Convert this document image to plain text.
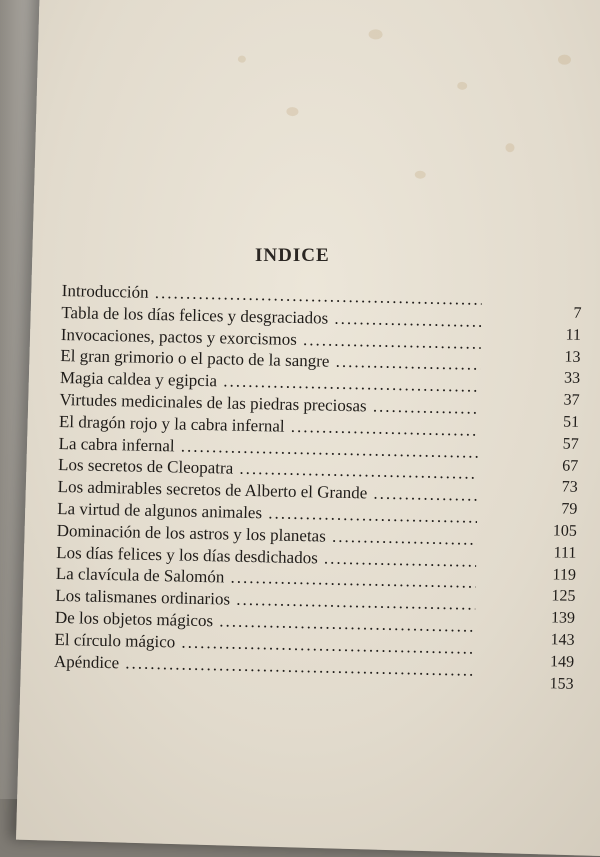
INDICE
Introducción .....
7
Tabla de los días felices y desgraciados .....
11
Invocaciones, pactos y exorcismos .....
13
El gran grimorio o el pacto de la sangre .....
33
Magia caldea y egipcia .....
37
Virtudes medicinales de las piedras preciosas .....
51
El dragón rojo y la cabra infernal .....
57
La cabra infernal .....
67
Los secretos de Cleopatra .....
73
Los admirables secretos de Alberto el Grande .....
79
La virtud de algunos animales .....
105
Dominación de los astros y los planetas .....
111
Los días felices y los días desdichados .....
119
La clavícula de Salomón .....
125
Los talismanes ordinarios .....
139
De los objetos mágicos .....
143
El círculo mágico .....
149
Apéndice .....
153
